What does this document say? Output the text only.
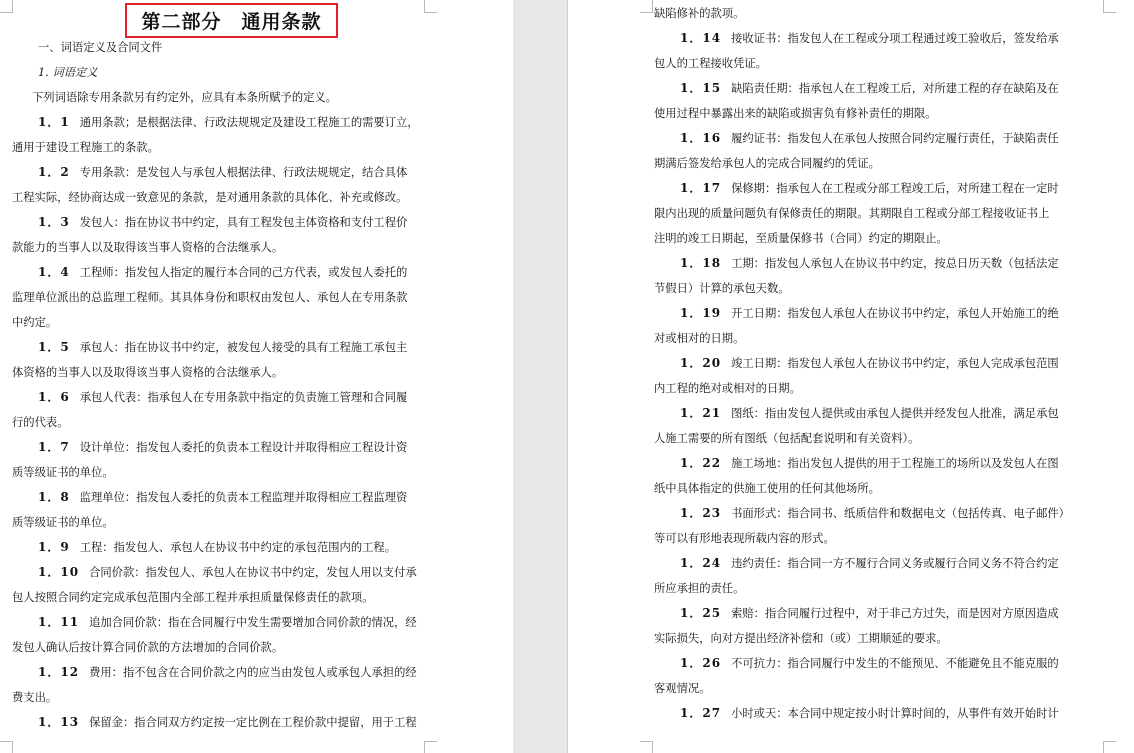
第二部分　通用条款
一、词语定义及合同文件
1. 词语定义
下列词语除专用条款另有约定外，应具有本条所赋予的定义。
1．1 通用条款；是根据法律、行政法规规定及建设工程施工的需要订立，
通用于建设工程施工的条款。
1．2 专用条款：是发包人与承包人根据法律、行政法规规定，结合具体
工程实际，经协商达成一致意见的条款，是对通用条款的具体化、补充或修改。
1．3 发包人：指在协议书中约定，具有工程发包主体资格和支付工程价
款能力的当事人以及取得该当事人资格的合法继承人。
1．4 工程师：指发包人指定的履行本合同的己方代表，或发包人委托的
监理单位派出的总监理工程师。其具体身份和职权由发包人、承包人在专用条款
中约定。
1．5 承包人：指在协议书中约定，被发包人接受的具有工程施工承包主
体资格的当事人以及取得该当事人资格的合法继承人。
1．6 承包人代表：指承包人在专用条款中指定的负责施工管理和合同履
行的代表。
1．7 设计单位：指发包人委托的负责本工程设计并取得相应工程设计资
质等级证书的单位。
1．8 监理单位：指发包人委托的负责本工程监理并取得相应工程监理资
质等级证书的单位。
1．9 工程：指发包人、承包人在协议书中约定的承包范围内的工程。
1．10 合同价款：指发包人、承包人在协议书中约定，发包人用以支付承
包人按照合同约定完成承包范围内全部工程并承担质量保修责任的款项。
1．11 追加合同价款：指在合同履行中发生需要增加合同价款的情况，经
发包人确认后按计算合同价款的方法增加的合同价款。
1．12 费用：指不包含在合同价款之内的应当由发包人或承包人承担的经
费支出。
1．13 保留金：指合同双方约定按一定比例在工程价款中提留，用于工程
缺陷修补的款项。
1．14 接收证书：指发包人在工程或分项工程通过竣工验收后，签发给承
包人的工程接收凭证。
1．15 缺陷责任期：指承包人在工程竣工后，对所建工程的存在缺陷及在
使用过程中暴露出来的缺陷或损害负有修补责任的期限。
1．16 履约证书：指发包人在承包人按照合同约定履行责任，于缺陷责任
期满后签发给承包人的完成合同履约的凭证。
1．17 保修期：指承包人在工程或分部工程竣工后，对所建工程在一定时
限内出现的质量问题负有保修责任的期限。其期限自工程或分部工程接收证书上
注明的竣工日期起，至质量保修书（合同）约定的期限止。
1．18 工期：指发包人承包人在协议书中约定，按总日历天数（包括法定
节假日）计算的承包天数。
1．19 开工日期：指发包人承包人在协议书中约定，承包人开始施工的绝
对或相对的日期。
1．20 竣工日期：指发包人承包人在协议书中约定，承包人完成承包范围
内工程的绝对或相对的日期。
1．21 图纸：指由发包人提供或由承包人提供并经发包人批准，满足承包
人施工需要的所有图纸（包括配套说明和有关资料）。
1．22 施工场地：指出发包人提供的用于工程施工的场所以及发包人在图
纸中具体指定的供施工使用的任何其他场所。
1．23 书面形式：指合同书、纸质信件和数据电文（包括传真、电子邮件）
等可以有形地表现所载内容的形式。
1．24 违约责任：指合同一方不履行合同义务或履行合同义务不符合约定
所应承担的责任。
1．25 索赔：指合同履行过程中，对于非己方过失，而是因对方原因造成
实际损失，向对方提出经济补偿和（或）工期顺延的要求。
1．26 不可抗力：指合同履行中发生的不能预见、不能避免且不能克服的
客观情况。
1．27 小时或天：本合同中规定按小时计算时间的，从事件有效开始时计
